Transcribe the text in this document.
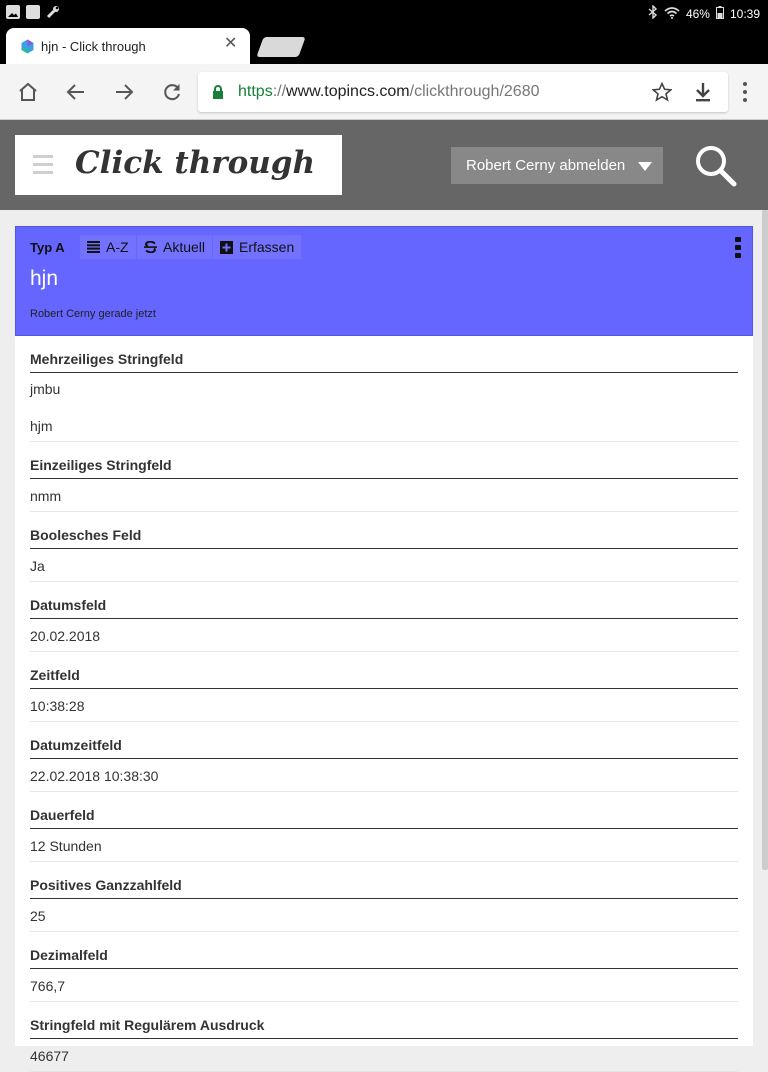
46% 10:39
hjn - Click through	✕
https://www.topincs.com/clickthrough/2680
Click through	Robert Cerny abmelden
Typ A	A-Z Aktuell Erfassen
hjn
Robert Cerny gerade jetzt
Mehrzeiliges Stringfeld
jmbu
hjm
Einzeiliges Stringfeld
nmm
Boolesches Feld
Ja
Datumsfeld
20.02.2018
Zeitfeld
10:38:28
Datumzeitfeld
22.02.2018 10:38:30
Dauerfeld
12 Stunden
Positives Ganzzahlfeld
25
Dezimalfeld
766,7
Stringfeld mit Regulärem Ausdruck
46677
